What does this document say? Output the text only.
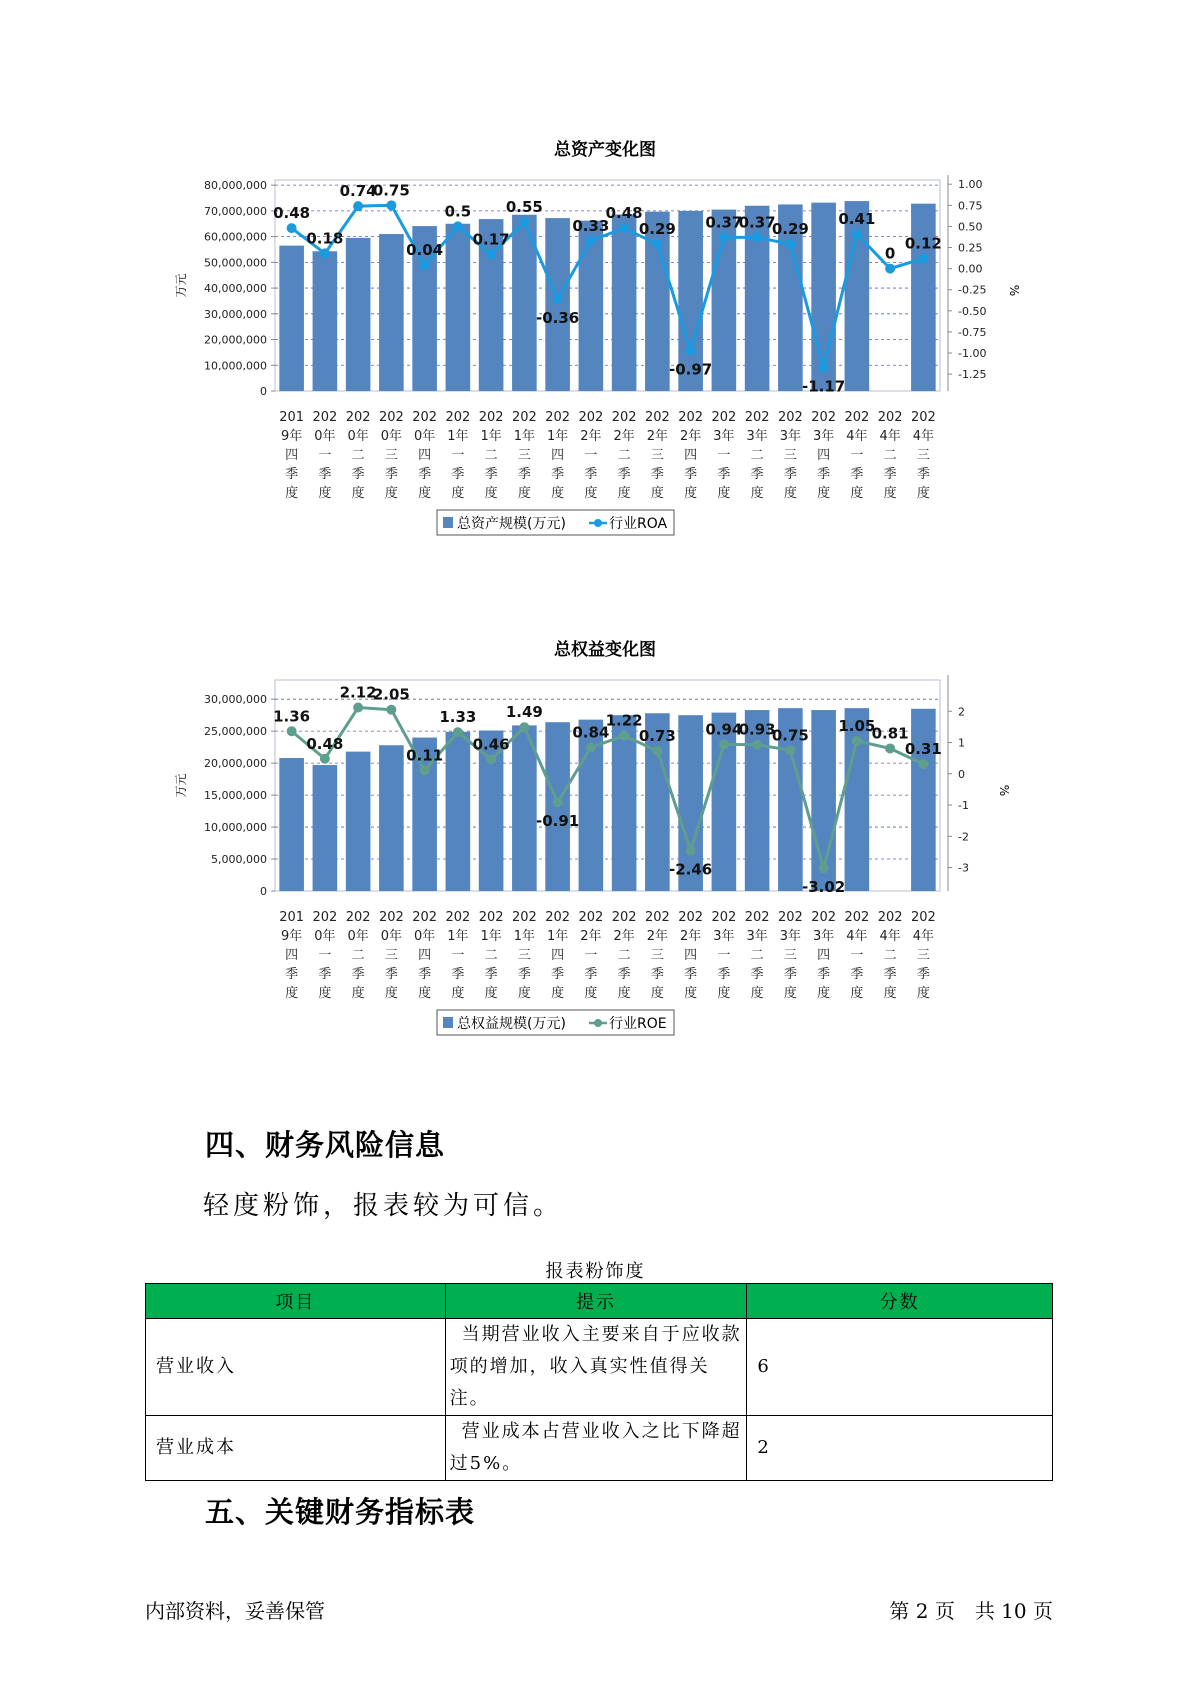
总资产变化图
0
10,000,000
20,000,000
30,000,000
40,000,000
50,000,000
60,000,000
70,000,000
80,000,000
万元
1.00
0.75
0.50
0.25
0.00
-0.25
-0.50
-0.75
-1.00
-1.25
%
0.48
0.18
0.74
0.75
0.04
0.5
0.17
0.55
-0.36
0.33
0.48
0.29
-0.97
0.37
0.37
0.29
-1.17
0.41
0
0.12
201
9年
四
季
度
202
0年
一
季
度
202
0年
二
季
度
202
0年
三
季
度
202
0年
四
季
度
202
1年
一
季
度
202
1年
二
季
度
202
1年
三
季
度
202
1年
四
季
度
202
2年
一
季
度
202
2年
二
季
度
202
2年
三
季
度
202
2年
四
季
度
202
3年
一
季
度
202
3年
二
季
度
202
3年
三
季
度
202
3年
四
季
度
202
4年
一
季
度
202
4年
二
季
度
202
4年
三
季
度
总资产规模(万元)	行业ROA
总权益变化图
0
5,000,000
10,000,000
15,000,000
20,000,000
25,000,000
30,000,000
万元
2
1
0
-1
-2
-3
%
1.36
0.48
2.12
2.05
0.11
1.33
0.46
1.49
-0.91
0.84
1.22
0.73
-2.46
0.94
0.93
0.75
-3.02
1.05
0.81
0.31
201
9年
四
季
度
202
0年
一
季
度
202
0年
二
季
度
202
0年
三
季
度
202
0年
四
季
度
202
1年
一
季
度
202
1年
二
季
度
202
1年
三
季
度
202
1年
四
季
度
202
2年
一
季
度
202
2年
二
季
度
202
2年
三
季
度
202
2年
四
季
度
202
3年
一
季
度
202
3年
二
季
度
202
3年
三
季
度
202
3年
四
季
度
202
4年
一
季
度
202
4年
二
季
度
202
4年
三
季
度
总权益规模(万元)	行业ROE
四、财务风险信息
轻度粉饰，报表较为可信。
报表粉饰度
项目	提示	分数
营业收入	当期营业收入主要来自于应收款项的增加，收入真实性值得关注。	6
营业成本	营业成本占营业收入之比下降超过5%。	2
五、关键财务指标表
内部资料，妥善保管	第 2 页　共 10 页
